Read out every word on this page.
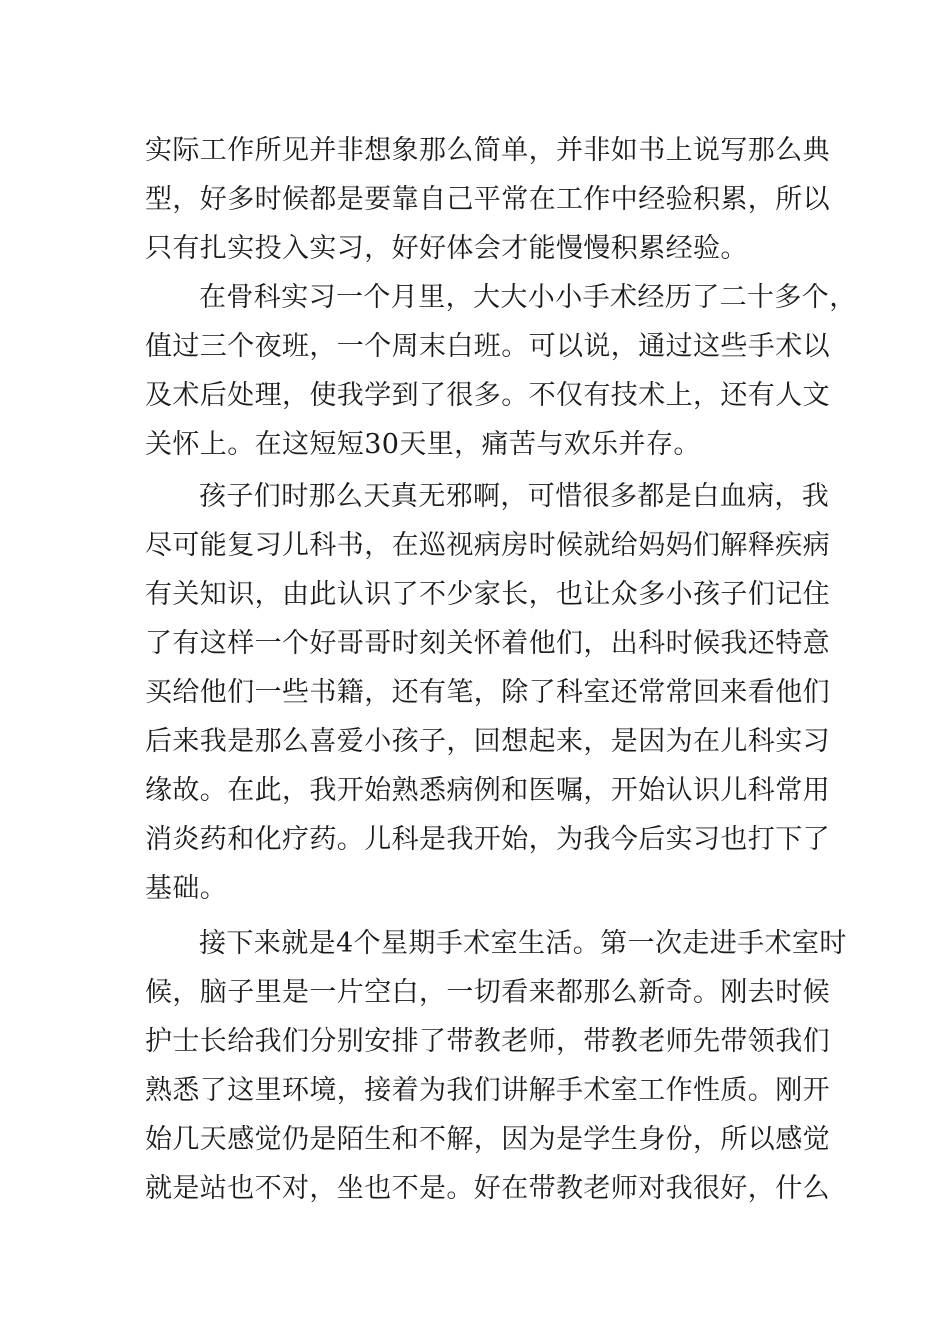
实际工作所见并非想象那么简单，并非如书上说写那么典
型，好多时候都是要靠自己平常在工作中经验积累，所以
只有扎实投入实习，好好体会才能慢慢积累经验。
在骨科实习一个月里，大大小小手术经历了二十多个，
值过三个夜班，一个周末白班。可以说，通过这些手术以
及术后处理，使我学到了很多。不仅有技术上，还有人文
关怀上。在这短短30天里，痛苦与欢乐并存。
孩子们时那么天真无邪啊，可惜很多都是白血病，我
尽可能复习儿科书，在巡视病房时候就给妈妈们解释疾病
有关知识，由此认识了不少家长，也让众多小孩子们记住
了有这样一个好哥哥时刻关怀着他们，出科时候我还特意
买给他们一些书籍，还有笔，除了科室还常常回来看他们
后来我是那么喜爱小孩子，回想起来，是因为在儿科实习
缘故。在此，我开始熟悉病例和医嘱，开始认识儿科常用
消炎药和化疗药。儿科是我开始，为我今后实习也打下了
基础。
接下来就是4个星期手术室生活。第一次走进手术室时
候，脑子里是一片空白，一切看来都那么新奇。刚去时候
护士长给我们分别安排了带教老师，带教老师先带领我们
熟悉了这里环境，接着为我们讲解手术室工作性质。刚开
始几天感觉仍是陌生和不解，因为是学生身份，所以感觉
就是站也不对，坐也不是。好在带教老师对我很好，什么
